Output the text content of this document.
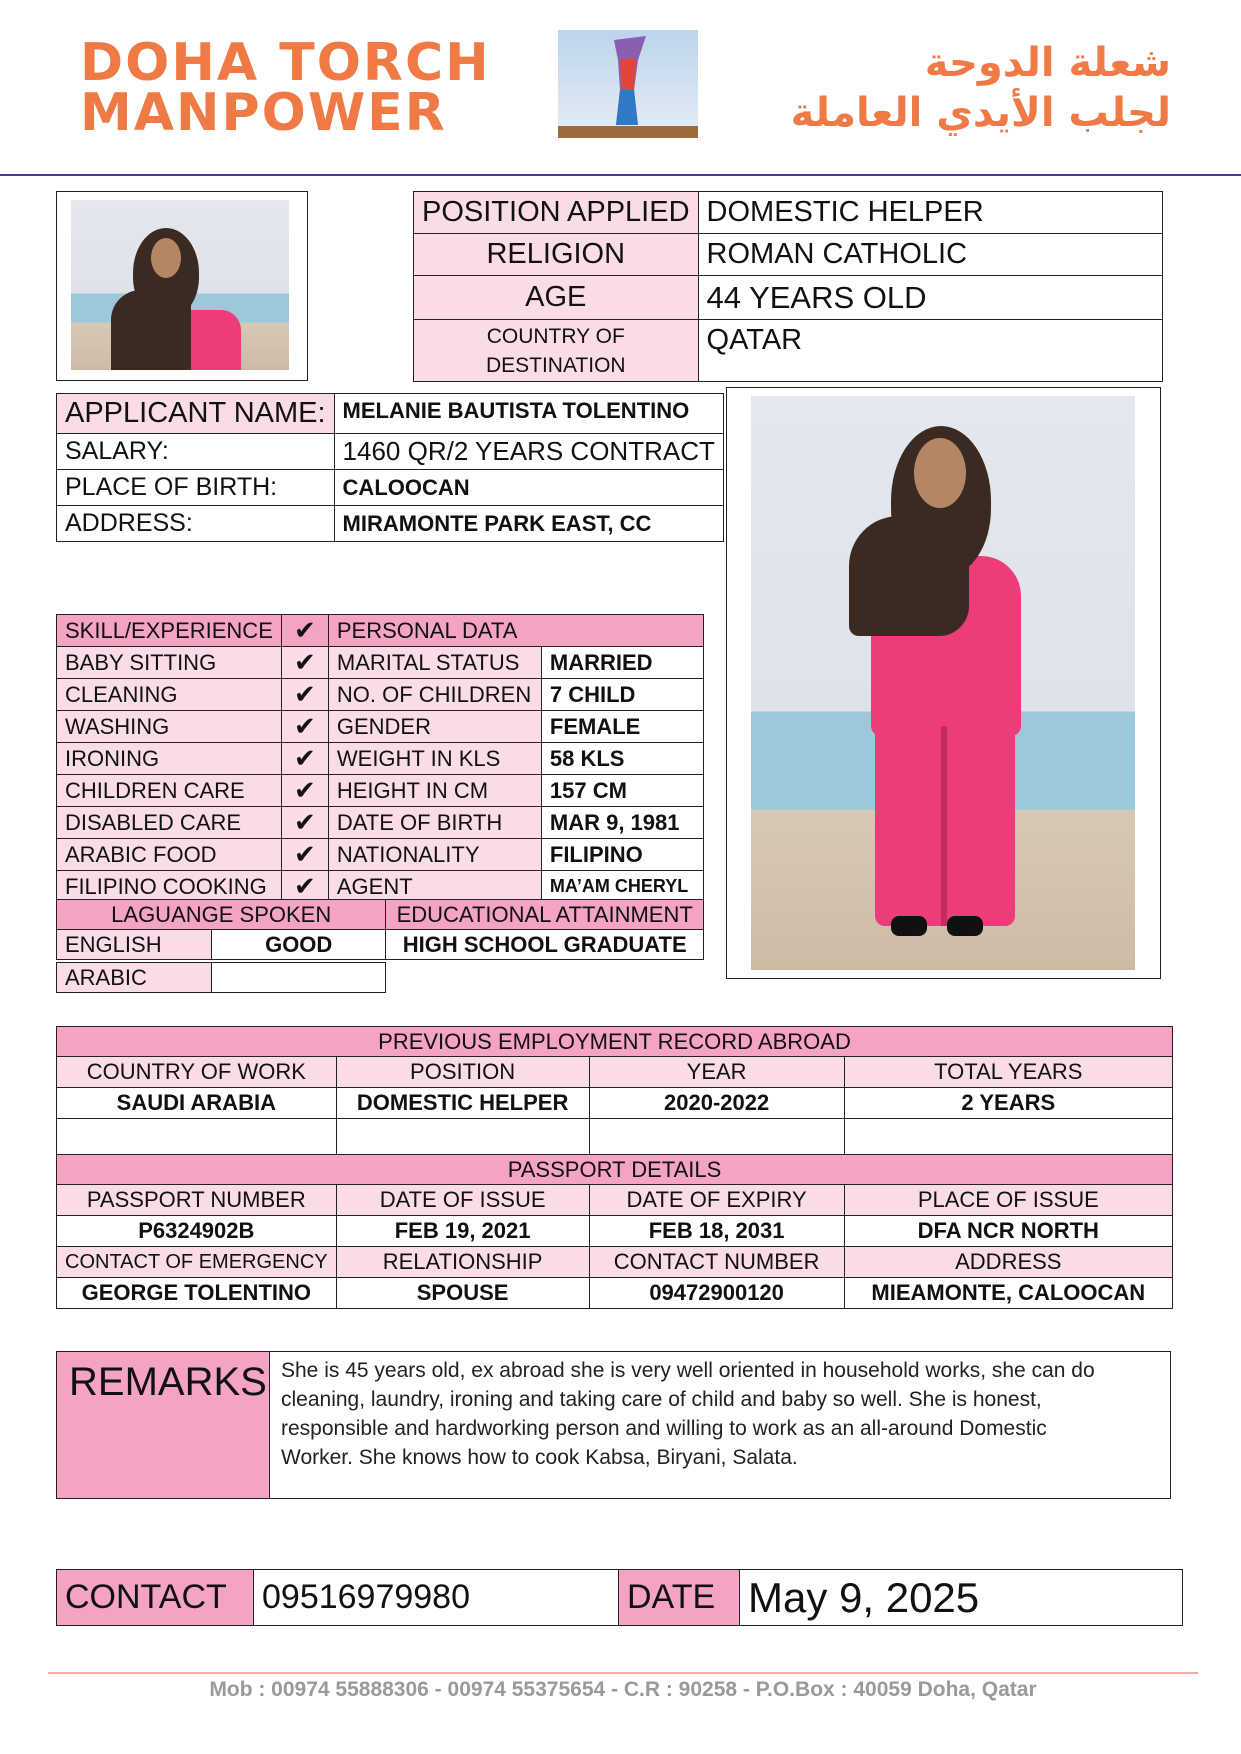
DOHA TORCH
MANPOWER
شعلة الدوحة
لجلب الأيدي العاملة
POSITION APPLIED	DOMESTIC HELPER
RELIGION	ROMAN CATHOLIC
AGE	44 YEARS OLD

COUNTRY OF
DESTINATION	QATAR
APPLICANT NAME:	MELANIE BAUTISTA TOLENTINO
SALARY:	1460 QR/2 YEARS CONTRACT
PLACE OF BIRTH:	CALOOCAN
ADDRESS:	MIRAMONTE PARK EAST, CC
SKILL/EXPERIENCE	✔	PERSONAL DATA	
BABY SITTING	✔	MARITAL STATUS	MARRIED
CLEANING	✔	NO. OF CHILDREN	7 CHILD
WASHING	✔	GENDER	FEMALE
IRONING	✔	WEIGHT IN KLS	58 KLS
CHILDREN CARE	✔	HEIGHT IN CM	157 CM
DISABLED CARE	✔	DATE OF BIRTH	MAR 9, 1981
ARABIC FOOD	✔	NATIONALITY	FILIPINO
FILIPINO COOKING	✔	AGENT	MA’AM CHERYL
LAGUANGE SPOKEN		EDUCATIONAL ATTAINMENT
ENGLISH	GOOD	HIGH SCHOOL GRADUATE
ARABIC	
PREVIOUS EMPLOYMENT RECORD ABROAD			
COUNTRY OF WORK	POSITION	YEAR	TOTAL YEARS
SAUDI ARABIA	DOMESTIC HELPER	2020-2022	2 YEARS

PASSPORT DETAILS			
PASSPORT NUMBER	DATE OF ISSUE	DATE OF EXPIRY	PLACE OF ISSUE
P6324902B	FEB 19, 2021	FEB 18, 2031	DFA NCR NORTH
CONTACT OF EMERGENCY	RELATIONSHIP	CONTACT NUMBER	ADDRESS
GEORGE TOLENTINO	SPOUSE	09472900120	MIEAMONTE, CALOOCAN
REMARKS She is 45 years old, ex abroad she is very well oriented in household works, she can do
cleaning, laundry, ironing and taking care of child and baby so well. She is honest,
responsible and hardworking person and willing to work as an all-around Domestic
Worker. She knows how to cook Kabsa, Biryani, Salata.
CONTACT	09516979980	DATE	May 9, 2025
Mob : 00974 55888306 - 00974 55375654 - C.R : 90258 - P.O.Box : 40059 Doha, Qatar
